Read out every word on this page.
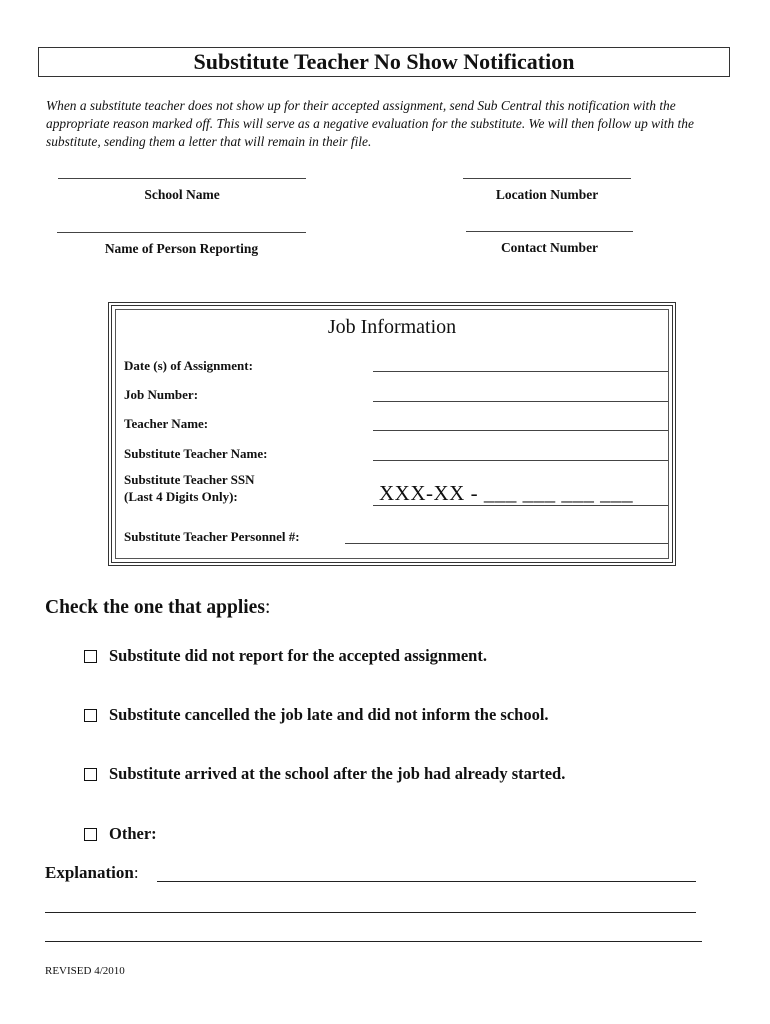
Substitute Teacher No Show Notification

When a substitute teacher does not show up for their accepted assignment, send Sub Central this notification with the appropriate reason marked off. This will serve as a negative evaluation for the substitute. We will then follow up with the substitute, sending them a letter that will remain in their file.

School Name	Location Number
Name of Person Reporting	Contact Number
Job Information
Date (s) of Assignment:
Job Number:
Teacher Name:
Substitute Teacher Name:
Substitute Teacher SSN
(Last 4 Digits Only):	XXX-XX - ___ ___ ___ ___
Substitute Teacher Personnel #:
Check the one that applies:
Substitute did not report for the accepted assignment.
Substitute cancelled the job late and did not inform the school.
Substitute arrived at the school after the job had already started.
Other:
Explanation:
REVISED 4/2010
